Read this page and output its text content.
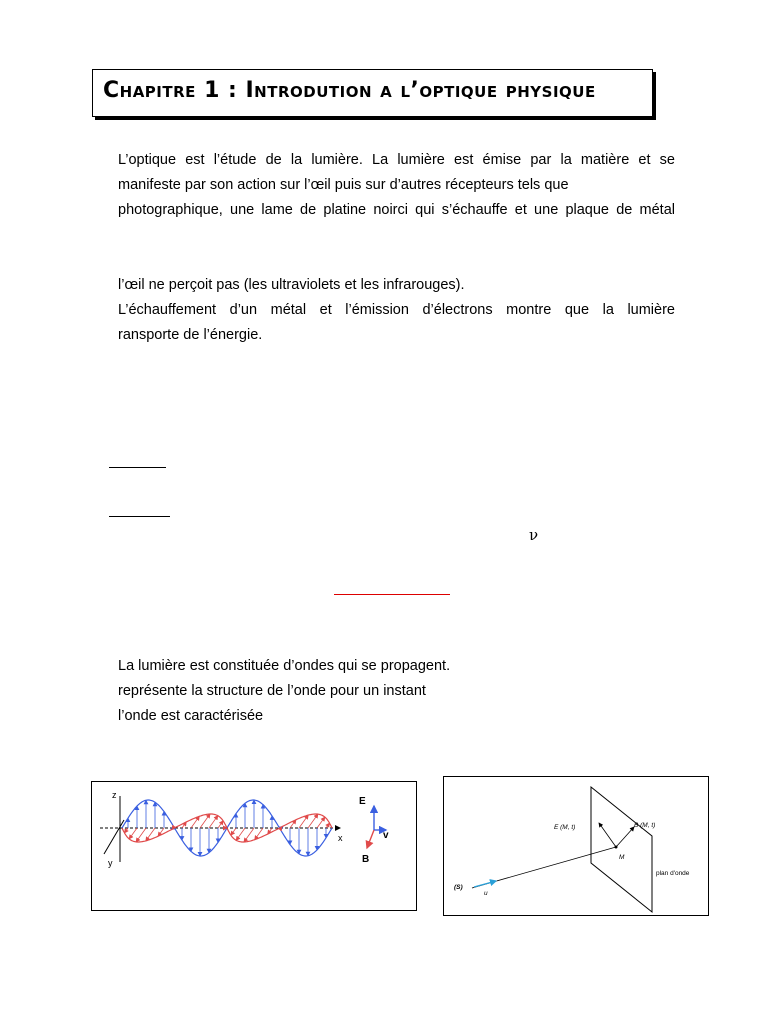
Chapitre 1 : Introdution a l’optique physique
L’optique est l’étude de la lumière. La lumière est émise par la matière et se
manifeste par son action sur l’œil puis sur d’autres récepteurs tels que
photographique, une lame de platine noirci qui s’échauffe et une plaque de métal
l’œil ne perçoit pas (les ultraviolets et les infrarouges).
L’échauffement d’un métal et l’émission d’électrons montre que la lumière
ransporte de l’énergie.
ν
La lumière est constituée d’ondes qui se propagent.
représente la structure de l’onde pour un instant
l’onde est caractérisée
z
y
x
E
v
B
E (M, t)	B (M, t)
M
plan d'onde
(S)
u
